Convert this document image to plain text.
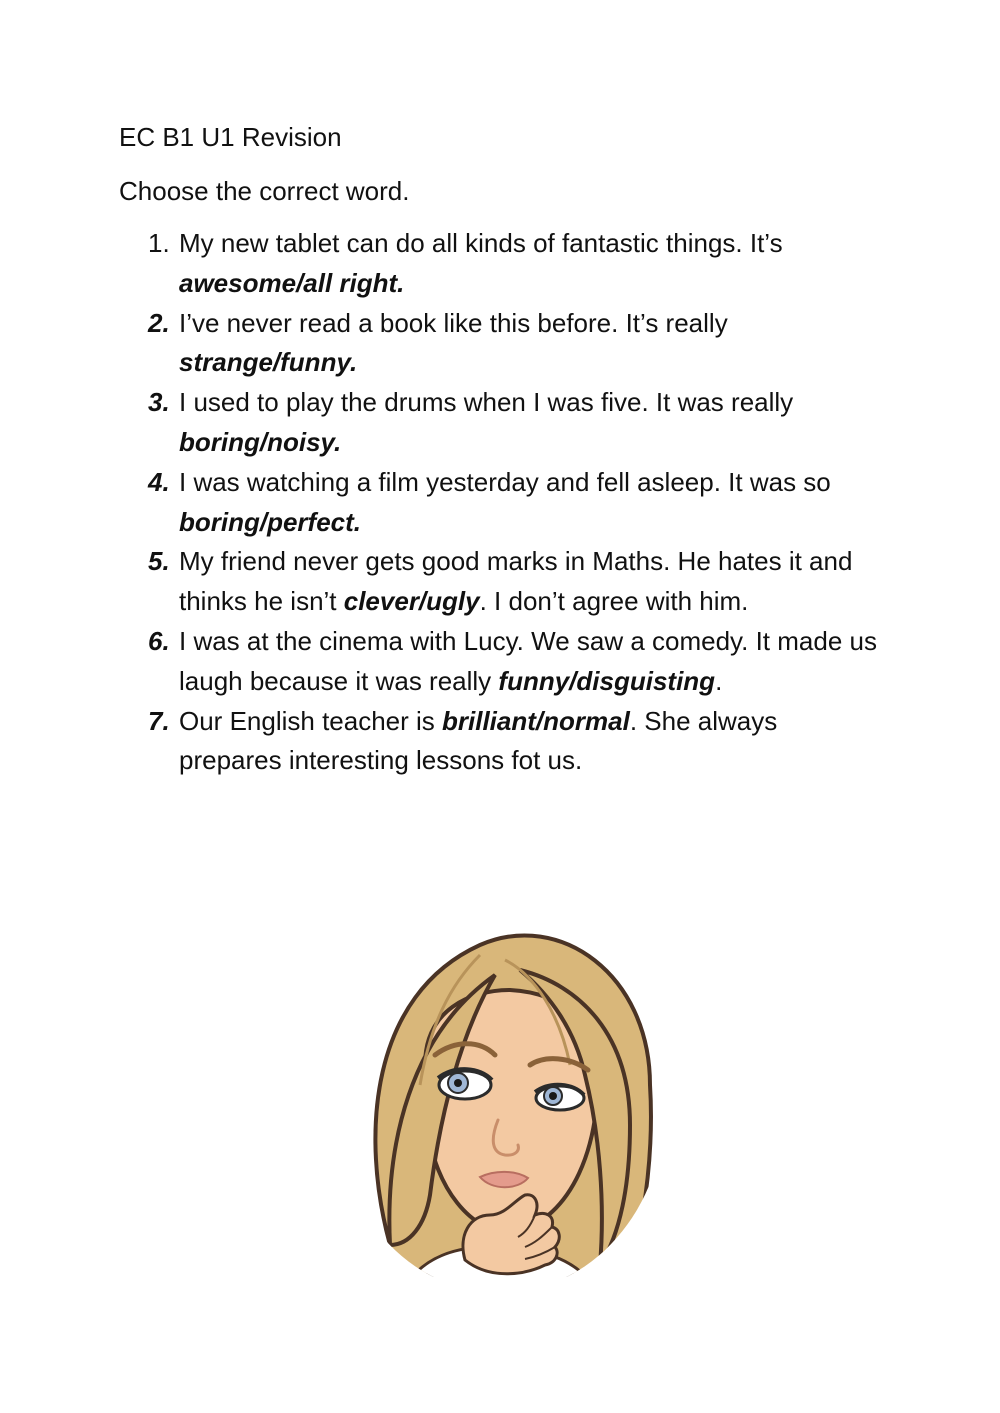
EC B1 U1 Revision

Choose the correct word.

1. My new tablet can do all kinds of fantastic things. It’s awesome/all right.
2. I’ve never read a book like this before. It’s really strange/funny.
3. I used to play the drums when I was five. It was really boring/noisy.
4. I was watching a film yesterday and fell asleep. It was so boring/perfect.
5. My friend never gets good marks in Maths. He hates it and thinks he isn’t clever/ugly. I don’t agree with him.
6. I was at the cinema with Lucy. We saw a comedy. It made us laugh because it was really funny/disguisting.
7. Our English teacher is brilliant/normal. She always prepares interesting lessons fot us.
